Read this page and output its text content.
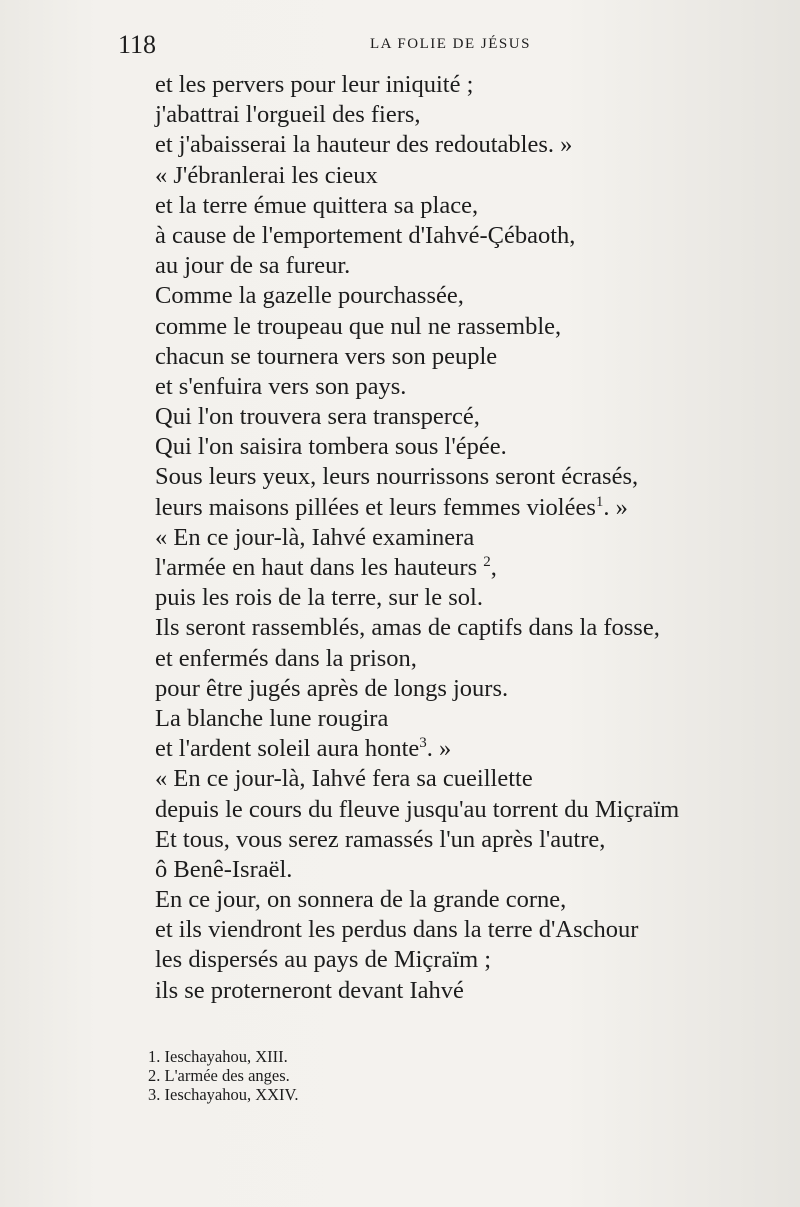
118	LA FOLIE DE JÉSUS
et les pervers pour leur iniquité ;
j'abattrai l'orgueil des fiers,
et j'abaisserai la hauteur des redoutables. »
« J'ébranlerai les cieux
et la terre émue quittera sa place,
à cause de l'emportement d'Iahvé-Çébaoth,
au jour de sa fureur.
Comme la gazelle pourchassée,
comme le troupeau que nul ne rassemble,
chacun se tournera vers son peuple
et s'enfuira vers son pays.
Qui l'on trouvera sera transpercé,
Qui l'on saisira tombera sous l'épée.
Sous leurs yeux, leurs nourrissons seront écrasés,
leurs maisons pillées et leurs femmes violées$^1$. »
« En ce jour-là, Iahvé examinera
l'armée en haut dans les hauteurs $^2$,
puis les rois de la terre, sur le sol.
Ils seront rassemblés, amas de captifs dans la fosse,
et enfermés dans la prison,
pour être jugés après de longs jours.
La blanche lune rougira
et l'ardent soleil aura honte$^3$. »
« En ce jour-là, Iahvé fera sa cueillette
depuis le cours du fleuve jusqu'au torrent du Miçraïm
Et tous, vous serez ramassés l'un après l'autre,
ô Benê-Israël.
En ce jour, on sonnera de la grande corne,
et ils viendront les perdus dans la terre d'Aschour
les dispersés au pays de Miçraïm ;
ils se proterneront devant Iahvé
1. Ieschayahou, XIII.
2. L'armée des anges.
3. Ieschayahou, XXIV.
